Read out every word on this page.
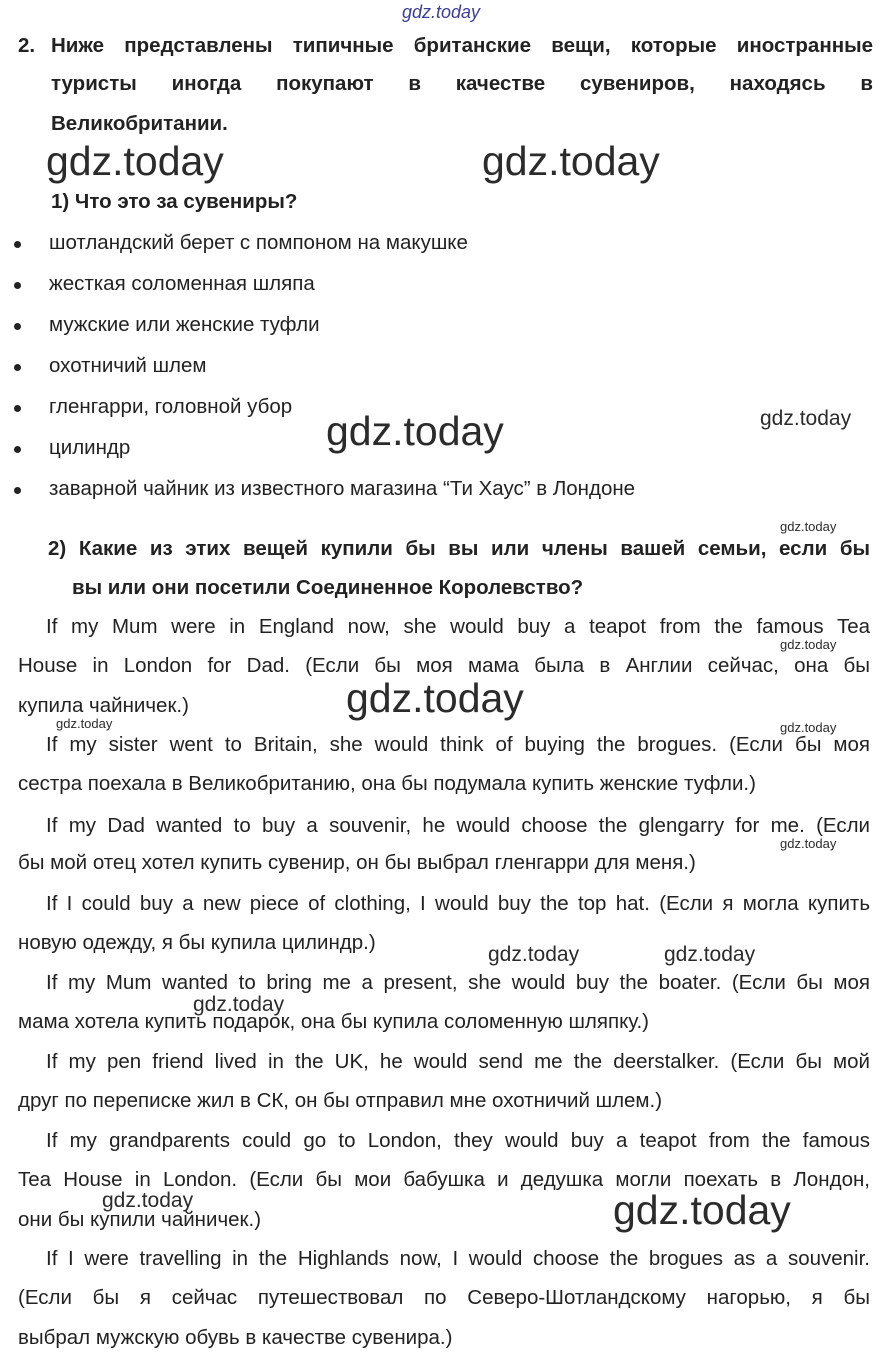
gdz.today
2. Ниже представлены типичные британские вещи, которые иностранные
туристы иногда покупают в качестве сувениров, находясь в
Великобритании.
gdz.today	gdz.today
1) Что это за сувениры?
шотландский берет с помпоном на макушке
жесткая соломенная шляпа
мужские или женские туфли
охотничий шлем
гленгарри, головной убор
цилиндр
заварной чайник из известного магазина “Ти Хаус” в Лондоне
gdz.today	gdz.today
gdz.today
2) Какие из этих вещей купили бы вы или члены вашей семьи, если бы
вы или они посетили Соединенное Королевство?
If my Mum were in England now, she would buy a teapot from the famous Tea
House in London for Dad. (Если бы моя мама была в Англии сейчас, она бы
купила чайничек.)
If my sister went to Britain, she would think of buying the brogues. (Если бы моя
сестра поехала в Великобританию, она бы подумала купить женские туфли.)
If my Dad wanted to buy a souvenir, he would choose the glengarry for me. (Если
бы мой отец хотел купить сувенир, он бы выбрал гленгарри для меня.)
If I could buy a new piece of clothing, I would buy the top hat. (Если я могла купить
новую одежду, я бы купила цилиндр.)
If my Mum wanted to bring me a present, she would buy the boater. (Если бы моя
мама хотела купить подарок, она бы купила соломенную шляпку.)
If my pen friend lived in the UK, he would send me the deerstalker. (Если бы мой
друг по переписке жил в СК, он бы отправил мне охотничий шлем.)
If my grandparents could go to London, they would buy a teapot from the famous
Tea House in London. (Если бы мои бабушка и дедушка могли поехать в Лондон,
они бы купили чайничек.)
If I were travelling in the Highlands now, I would choose the brogues as a souvenir.
(Если бы я сейчас путешествовал по Северо-Шотландскому нагорью, я бы
выбрал мужскую обувь в качестве сувенира.)
gdz.today
gdz.today
gdz.today	gdz.today
gdz.today
gdz.today	gdz.today
gdz.today
gdz.today	gdz.today
